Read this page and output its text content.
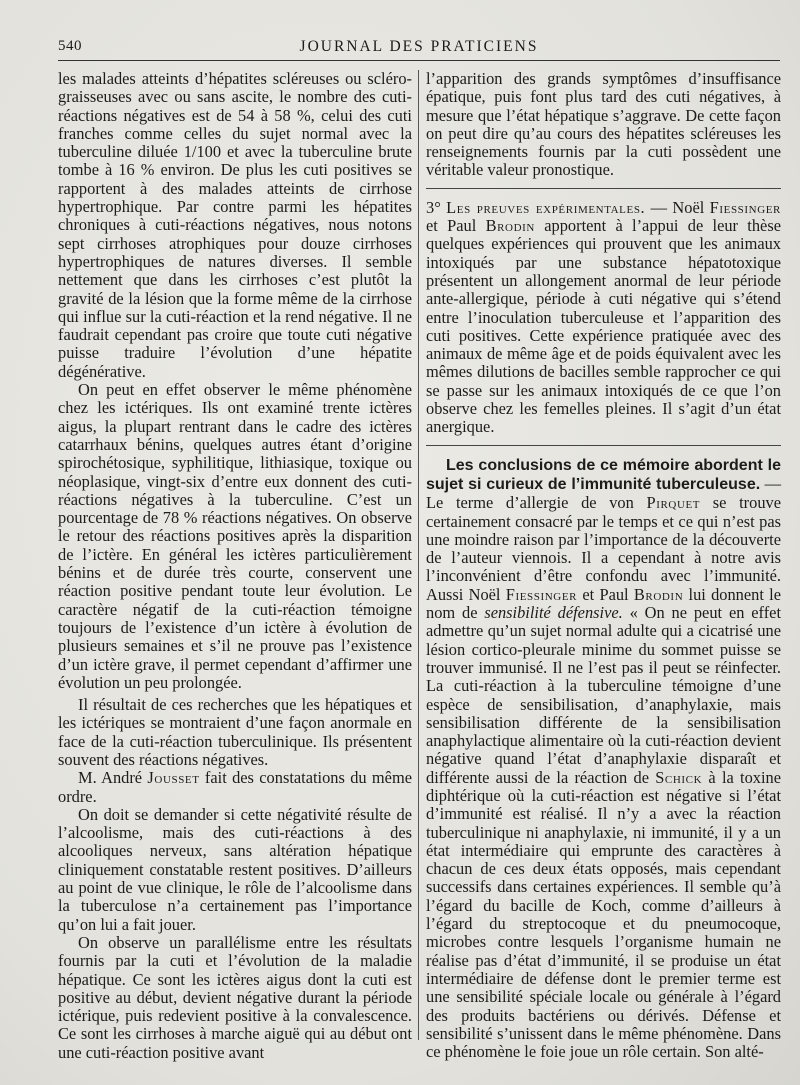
540	JOURNAL DES PRATICIENS

les malades atteints d’hépatites scléreuses ou scléro-graisseuses avec ou sans ascite, le nombre des cuti-réactions négatives est de 54 à 58 %, celui des cuti franches comme celles du sujet normal avec la tuberculine diluée 1/100 et avec la tuberculine brute tombe à 16 % environ. De plus les cuti positives se rapportent à des malades atteints de cirrhose hypertrophique. Par contre parmi les hépatites chroniques à cuti-réactions négatives, nous notons sept cirrhoses atrophiques pour douze cirrhoses hypertrophiques de natures diverses. Il semble nettement que dans les cirrhoses c’est plutôt la gravité de la lésion que la forme même de la cirrhose qui influe sur la cuti-réaction et la rend négative. Il ne faudrait cependant pas croire que toute cuti négative puisse traduire l’évolution d’une hépatite dégénérative.

On peut en effet observer le même phénomène chez les ictériques. Ils ont examiné trente ictères aigus, la plupart rentrant dans le cadre des ictères catarrhaux bénins, quelques autres étant d’origine spirochétosique, syphilitique, lithiasique, toxique ou néoplasique, vingt-six d’entre eux donnent des cuti-réactions négatives à la tuberculine. C’est un pourcentage de 78 % réactions négatives. On observe le retour des réactions positives après la disparition de l’ictère. En général les ictères particulièrement bénins et de durée très courte, conservent une réaction positive pendant toute leur évolution. Le caractère négatif de la cuti-réaction témoigne toujours de l’existence d’un ictère à évolution de plusieurs semaines et s’il ne prouve pas l’existence d’un ictère grave, il permet cependant d’affirmer une évolution un peu prolongée.

Il résultait de ces recherches que les hépatiques et les ictériques se montraient d’une façon anormale en face de la cuti-réaction tuberculinique. Ils présentent souvent des réactions négatives.

M. André Jousset fait des constatations du même ordre.

On doit se demander si cette négativité résulte de l’alcoolisme, mais des cuti-réactions à des alcooliques nerveux, sans altération hépatique cliniquement constatable restent positives. D’ailleurs au point de vue clinique, le rôle de l’alcoolisme dans la tuberculose n’a certainement pas l’importance qu’on lui a fait jouer.

On observe un parallélisme entre les résultats fournis par la cuti et l’évolution de la maladie hépatique. Ce sont les ictères aigus dont la cuti est positive au début, devient négative durant la période ictérique, puis redevient positive à la convalescence. Ce sont les cirrhoses à marche aiguë qui au début ont une cuti-réaction positive avant

l’apparition des grands symptômes d’insuffisance épatique, puis font plus tard des cuti négatives, à mesure que l’état hépatique s’aggrave. De cette façon on peut dire qu’au cours des hépatites scléreuses les renseignements fournis par la cuti possèdent une véritable valeur pronostique.

3° Les preuves expérimentales. — Noël Fiessinger et Paul Brodin apportent à l’appui de leur thèse quelques expériences qui prouvent que les animaux intoxiqués par une substance hépatotoxique présentent un allongement anormal de leur période ante-allergique, période à cuti négative qui s’étend entre l’inoculation tuberculeuse et l’apparition des cuti positives. Cette expérience pratiquée avec des animaux de même âge et de poids équivalent avec les mêmes dilutions de bacilles semble rapprocher ce qui se passe sur les animaux intoxiqués de ce que l’on observe chez les femelles pleines. Il s’agit d’un état anergique.

Les conclusions de ce mémoire abordent le sujet si curieux de l’immunité tuberculeuse. — Le terme d’allergie de von Pirquet se trouve certainement consacré par le temps et ce qui n’est pas une moindre raison par l’importance de la découverte de l’auteur viennois. Il a cependant à notre avis l’inconvénient d’être confondu avec l’immunité. Aussi Noël Fiessinger et Paul Brodin lui donnent le nom de sensibilité défensive. « On ne peut en effet admettre qu’un sujet normal adulte qui a cicatrisé une lésion cortico-pleurale minime du sommet puisse se trouver immunisé. Il ne l’est pas il peut se réinfecter. La cuti-réaction à la tuberculine témoigne d’une espèce de sensibilisation, d’anaphylaxie, mais sensibilisation différente de la sensibilisation anaphylactique alimentaire où la cuti-réaction devient négative quand l’état d’anaphylaxie disparaît et différente aussi de la réaction de Schick à la toxine diphtérique où la cuti-réaction est négative si l’état d’immunité est réalisé. Il n’y a avec la réaction tuberculinique ni anaphylaxie, ni immunité, il y a un état intermédiaire qui emprunte des caractères à chacun de ces deux états opposés, mais cependant successifs dans certaines expériences. Il semble qu’à l’égard du bacille de Koch, comme d’ailleurs à l’égard du streptocoque et du pneumocoque, microbes contre lesquels l’organisme humain ne réalise pas d’état d’immunité, il se produise un état intermédiaire de défense dont le premier terme est une sensibilité spéciale locale ou générale à l’égard des produits bactériens ou dérivés. Défense et sensibilité s’unissent dans le même phénomène. Dans ce phénomène le foie joue un rôle certain. Son alté-
